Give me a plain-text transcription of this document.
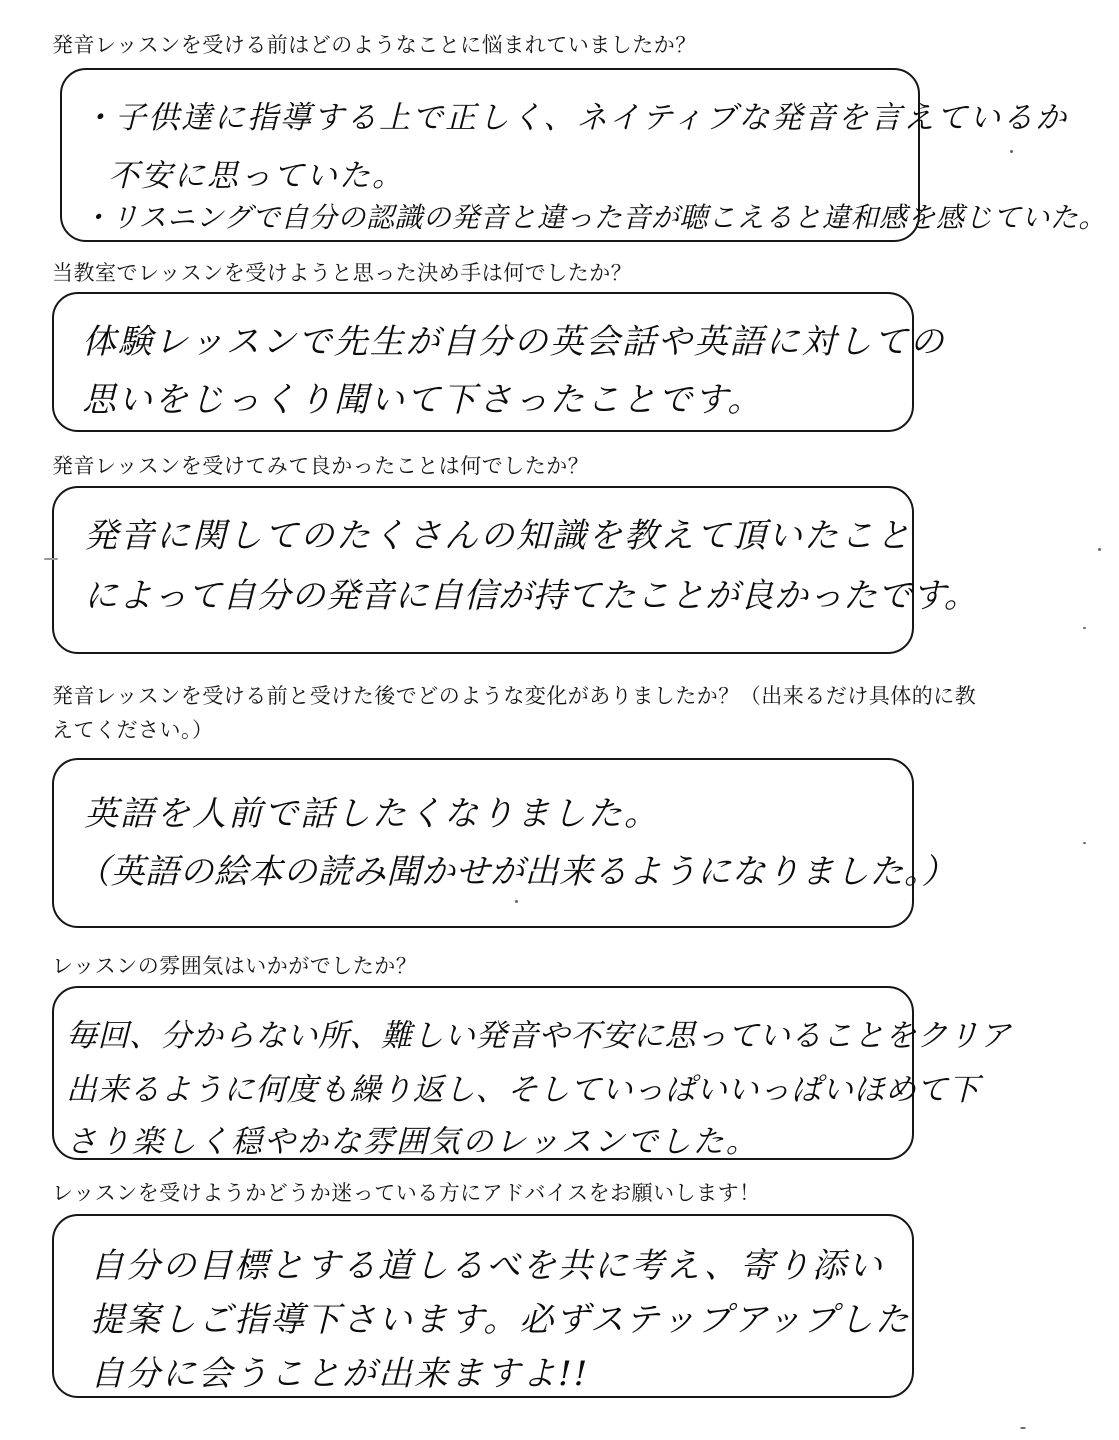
発音レッスンを受ける前はどのようなことに悩まれていましたか？
・子供達に指導する上で正しく、ネイティブな発音を言えているか
不安に思っていた。
・リスニングで自分の認識の発音と違った音が聴こえると違和感を感じていた。
当教室でレッスンを受けようと思った決め手は何でしたか？
体験レッスンで先生が自分の英会話や英語に対しての
思いをじっくり聞いて下さったことです。
発音レッスンを受けてみて良かったことは何でしたか？
発音に関してのたくさんの知識を教えて頂いたこと
によって自分の発音に自信が持てたことが良かったです。
発音レッスンを受ける前と受けた後でどのような変化がありましたか？（出来るだけ具体的に教えてください。）
英語を人前で話したくなりました。
（英語の絵本の読み聞かせが出来るようになりました。）
レッスンの雰囲気はいかがでしたか？
毎回、分からない所、難しい発音や不安に思っていることをクリア
出来るように何度も繰り返し、そしていっぱいいっぱいほめて下
さり楽しく穏やかな雰囲気のレッスンでした。
レッスンを受けようかどうか迷っている方にアドバイスをお願いします！
自分の目標とする道しるべを共に考え、寄り添い
提案しご指導下さいます。必ずステップアップした
自分に会うことが出来ますよ!!
